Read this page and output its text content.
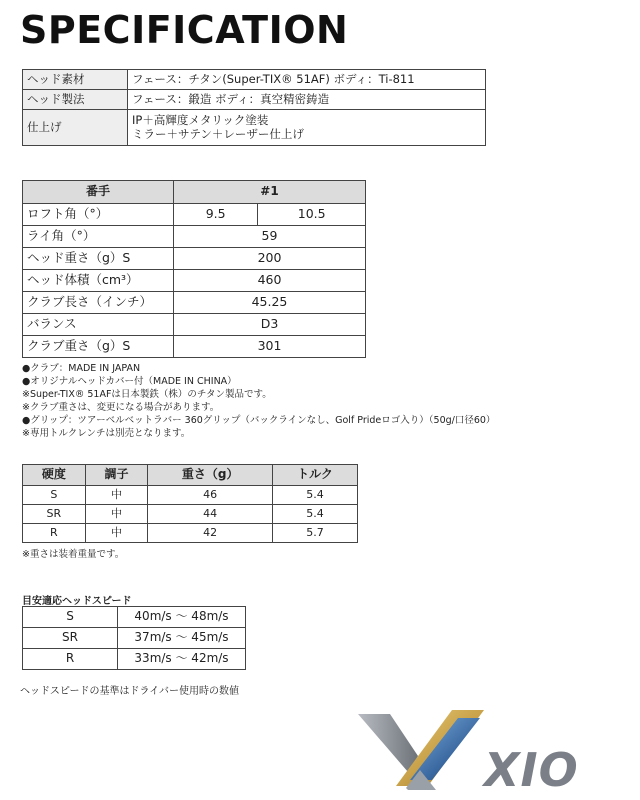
SPECIFICATION
ヘッド素材	フェース：チタン(Super-TIX® 51AF) ボディ：Ti-811
ヘッド製法	フェース：鍛造 ボディ：真空精密鋳造
仕上げ	IP＋高輝度メタリック塗装
ミラー＋サテン＋レーザー仕上げ
番手	#1	
ロフト角（°）	9.5	10.5
ライ角（°）	59	
ヘッド重さ（g）S	200	
ヘッド体積（cm³）	460	
クラブ長さ（インチ）	45.25	
バランス	D3	
クラブ重さ（g）S	301	
●クラブ：MADE IN JAPAN
●オリジナルヘッドカバー付（MADE IN CHINA）
※Super-TIX® 51AFは日本製鉄（株）のチタン製品です。
※クラブ重さは、変更になる場合があります。
●グリップ：ツアーベルベットラバー 360グリップ（バックラインなし、Golf Prideロゴ入り）（50g/口径60）
※専用トルクレンチは別売となります。
硬度	調子	重さ（g）	トルク
S	中	46	5.4
SR	中	44	5.4
R	中	42	5.7
※重さは装着重量です。
目安適応ヘッドスピード
S	40m/s 〜 48m/s
SR	37m/s 〜 45m/s
R	33m/s 〜 42m/s
ヘッドスピードの基準はドライバー使用時の数値
XIO
